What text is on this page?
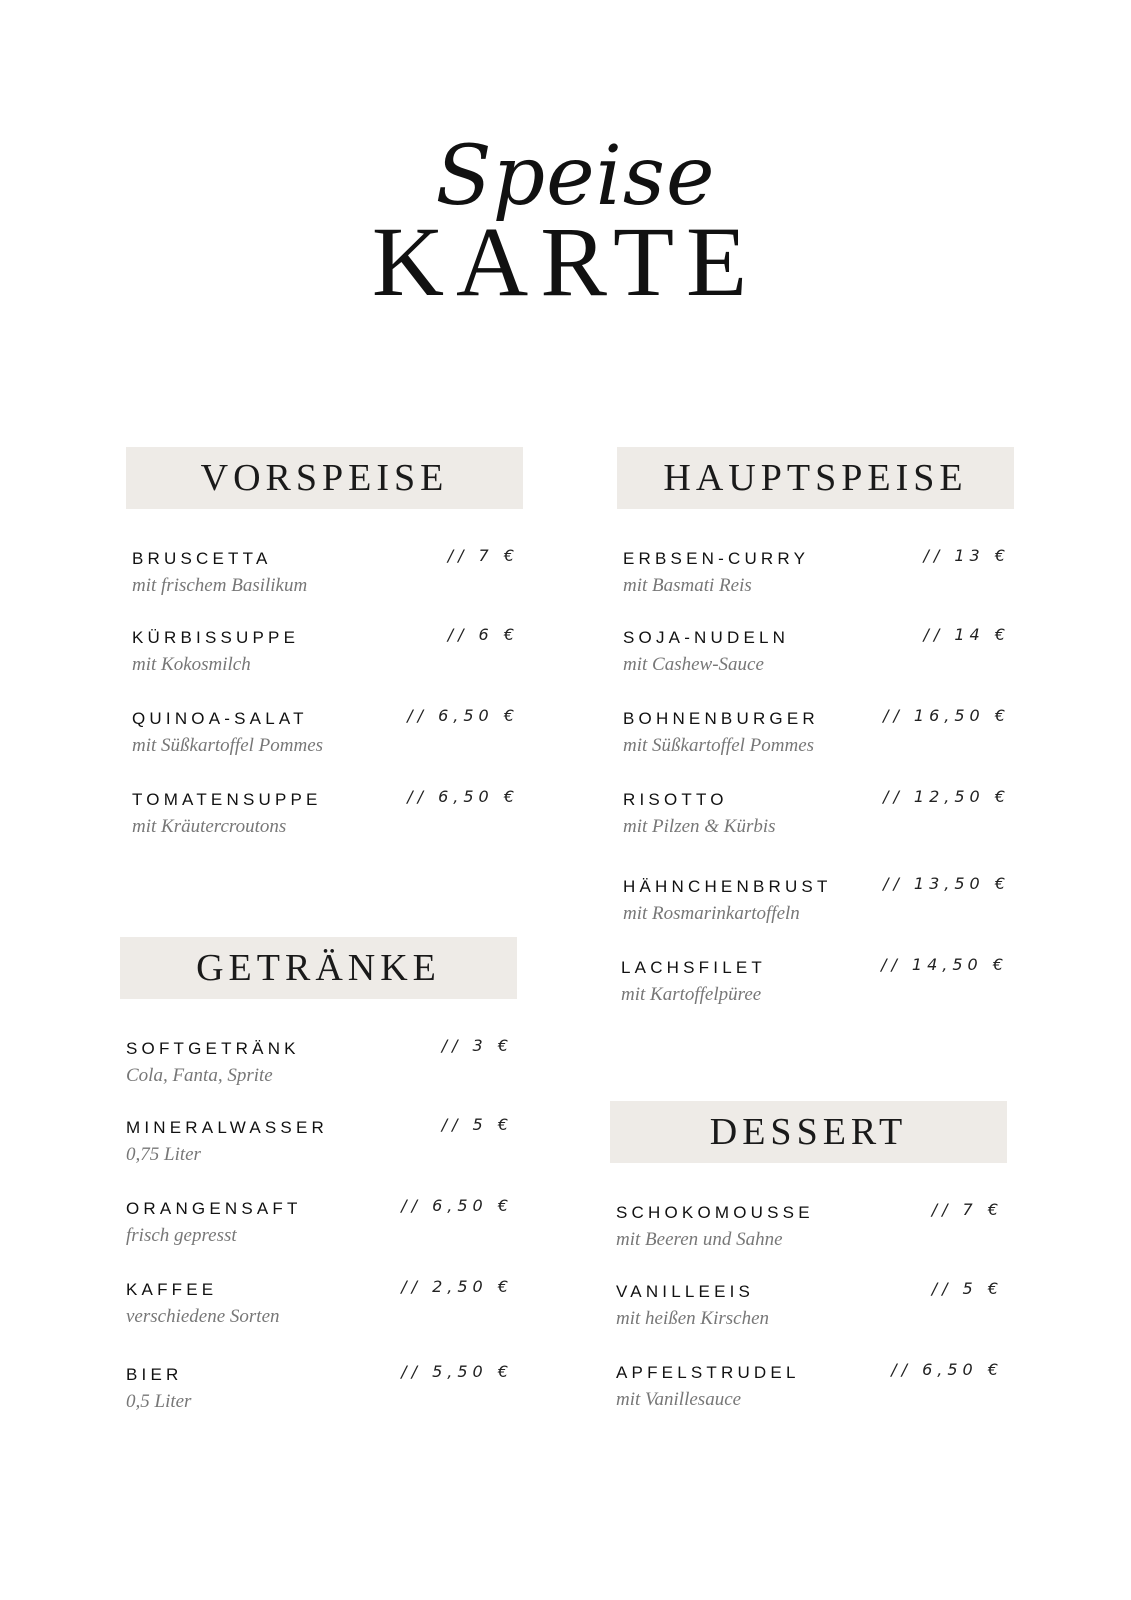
Speise
KARTE
VORSPEISE
BRUSCETTA	// 7 €
mit frischem Basilikum
KÜRBISSUPPE	// 6 €
mit Kokosmilch
QUINOA-SALAT	// 6,50 €
mit Süßkartoffel Pommes
TOMATENSUPPE	// 6,50 €
mit Kräutercroutons
HAUPTSPEISE
ERBSEN-CURRY	// 13 €
mit Basmati Reis
SOJA-NUDELN	// 14 €
mit Cashew-Sauce
BOHNENBURGER	// 16,50 €
mit Süßkartoffel Pommes
RISOTTO	// 12,50 €
mit Pilzen & Kürbis
HÄHNCHENBRUST	// 13,50 €
mit Rosmarinkartoffeln
LACHSFILET	// 14,50 €
mit Kartoffelpüree
GETRÄNKE
SOFTGETRÄNK	// 3 €
Cola, Fanta, Sprite
MINERALWASSER	// 5 €
0,75 Liter
ORANGENSAFT	// 6,50 €
frisch gepresst
KAFFEE	// 2,50 €
verschiedene Sorten
BIER	// 5,50 €
0,5 Liter
DESSERT
SCHOKOMOUSSE	// 7 €
mit Beeren und Sahne
VANILLEEIS	// 5 €
mit heißen Kirschen
APFELSTRUDEL	// 6,50 €
mit Vanillesauce
